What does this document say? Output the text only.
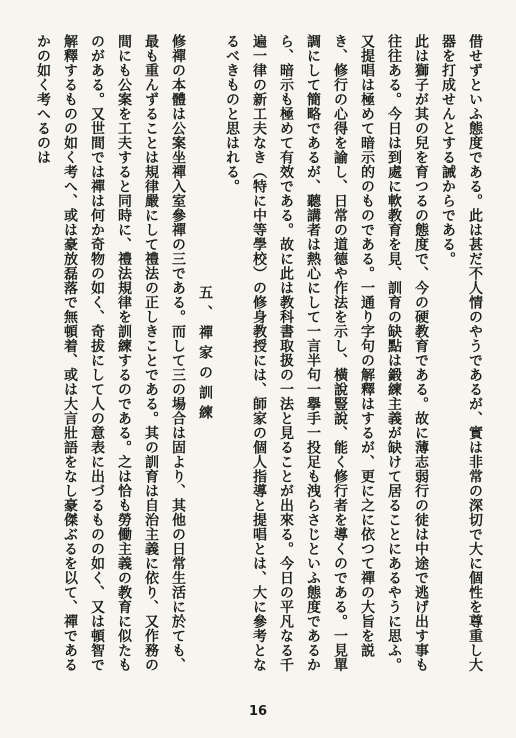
借せずといふ態度である。此は甚だ不人情のやうであるが、實は非常の深切で大に個性を尊重し大器を打成せんとする誡からである。

此は獅子が其の兒を育つるの態度で、今の硬教育である。故に薄志弱行の徒は中途で逃げ出す事も往往ある。今日は到處に軟教育を見、訓育の缺點は鍛練主義が缺けて居ることにあるやうに思ふ。又提唱は極めて暗示的のものである。一通り字句の解釋はするが、更に之に依つて禪の大旨を説き、修行の心得を諭し、日常の道德や作法を示し、橫說豎說、能く修行者を導くのである。一見單調にして簡略であるが、聽講者は熱心にして一言半句一擧手一投足も洩らさじといふ態度であるから、暗示も極めて有效である。故に此は教科書取扱の一法と見ることが出來る。今日の平凡なる千遍一律の新工夫なき（特に中等學校）の修身教授には、師家の個人指導と提唱とは、大に參考となるべきものと思はれる。

五、禪家の訓練

修禪の本體は公案坐禪入室參禪の三である。而して三の場合は固より、其他の日常生活に於ても、最も重んずることは規律嚴にして禮法の正しきことである。其の訓育は自治主義に依り、又作務の間にも公案を工夫すると同時に、禮法規律を訓練するのである。之は恰も勞働主義の教育に似たものがある。又世間では禪は何か奇物の如く、奇拔にして人の意表に出づるものの如く、又は頓智で解釋するものの如く考へ、或は豪放磊落で無頓着、或は大言壯語をなし豪傑ぶるを以て、禪であるかの如く考へるのは

16
